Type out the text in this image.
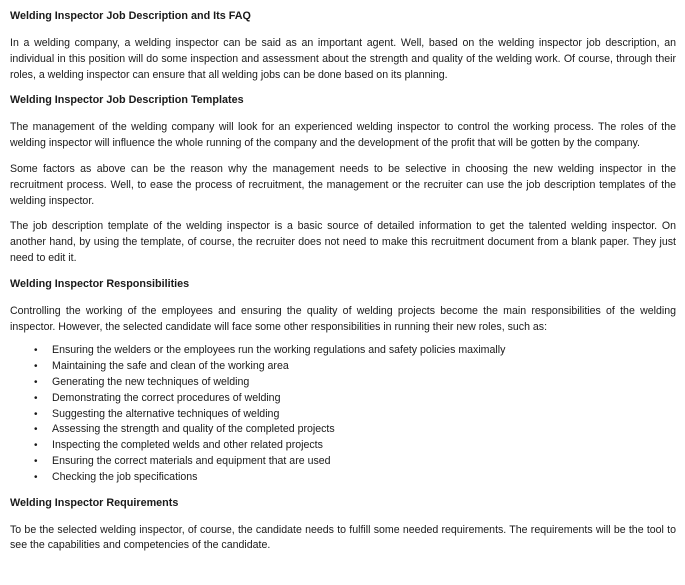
Welding Inspector Job Description and Its FAQ

In a welding company, a welding inspector can be said as an important agent. Well, based on the welding inspector job description, an individual in this position will do some inspection and assessment about the strength and quality of the welding work. Of course, through their roles, a welding inspector can ensure that all welding jobs can be done based on its planning.

Welding Inspector Job Description Templates

The management of the welding company will look for an experienced welding inspector to control the working process. The roles of the welding inspector will influence the whole running of the company and the development of the profit that will be gotten by the company.

Some factors as above can be the reason why the management needs to be selective in choosing the new welding inspector in the recruitment process. Well, to ease the process of recruitment, the management or the recruiter can use the job description templates of the welding inspector.

The job description template of the welding inspector is a basic source of detailed information to get the talented welding inspector. On another hand, by using the template, of course, the recruiter does not need to make this recruitment document from a blank paper. They just need to edit it.

Welding Inspector Responsibilities

Controlling the working of the employees and ensuring the quality of welding projects become the main responsibilities of the welding inspector. However, the selected candidate will face some other responsibilities in running their new roles, such as:

• Ensuring the welders or the employees run the working regulations and safety policies maximally
• Maintaining the safe and clean of the working area
• Generating the new techniques of welding
• Demonstrating the correct procedures of welding
• Suggesting the alternative techniques of welding
• Assessing the strength and quality of the completed projects
• Inspecting the completed welds and other related projects
• Ensuring the correct materials and equipment that are used
• Checking the job specifications
Welding Inspector Requirements

To be the selected welding inspector, of course, the candidate needs to fulfill some needed requirements. The requirements will be the tool to see the capabilities and competencies of the candidate.
